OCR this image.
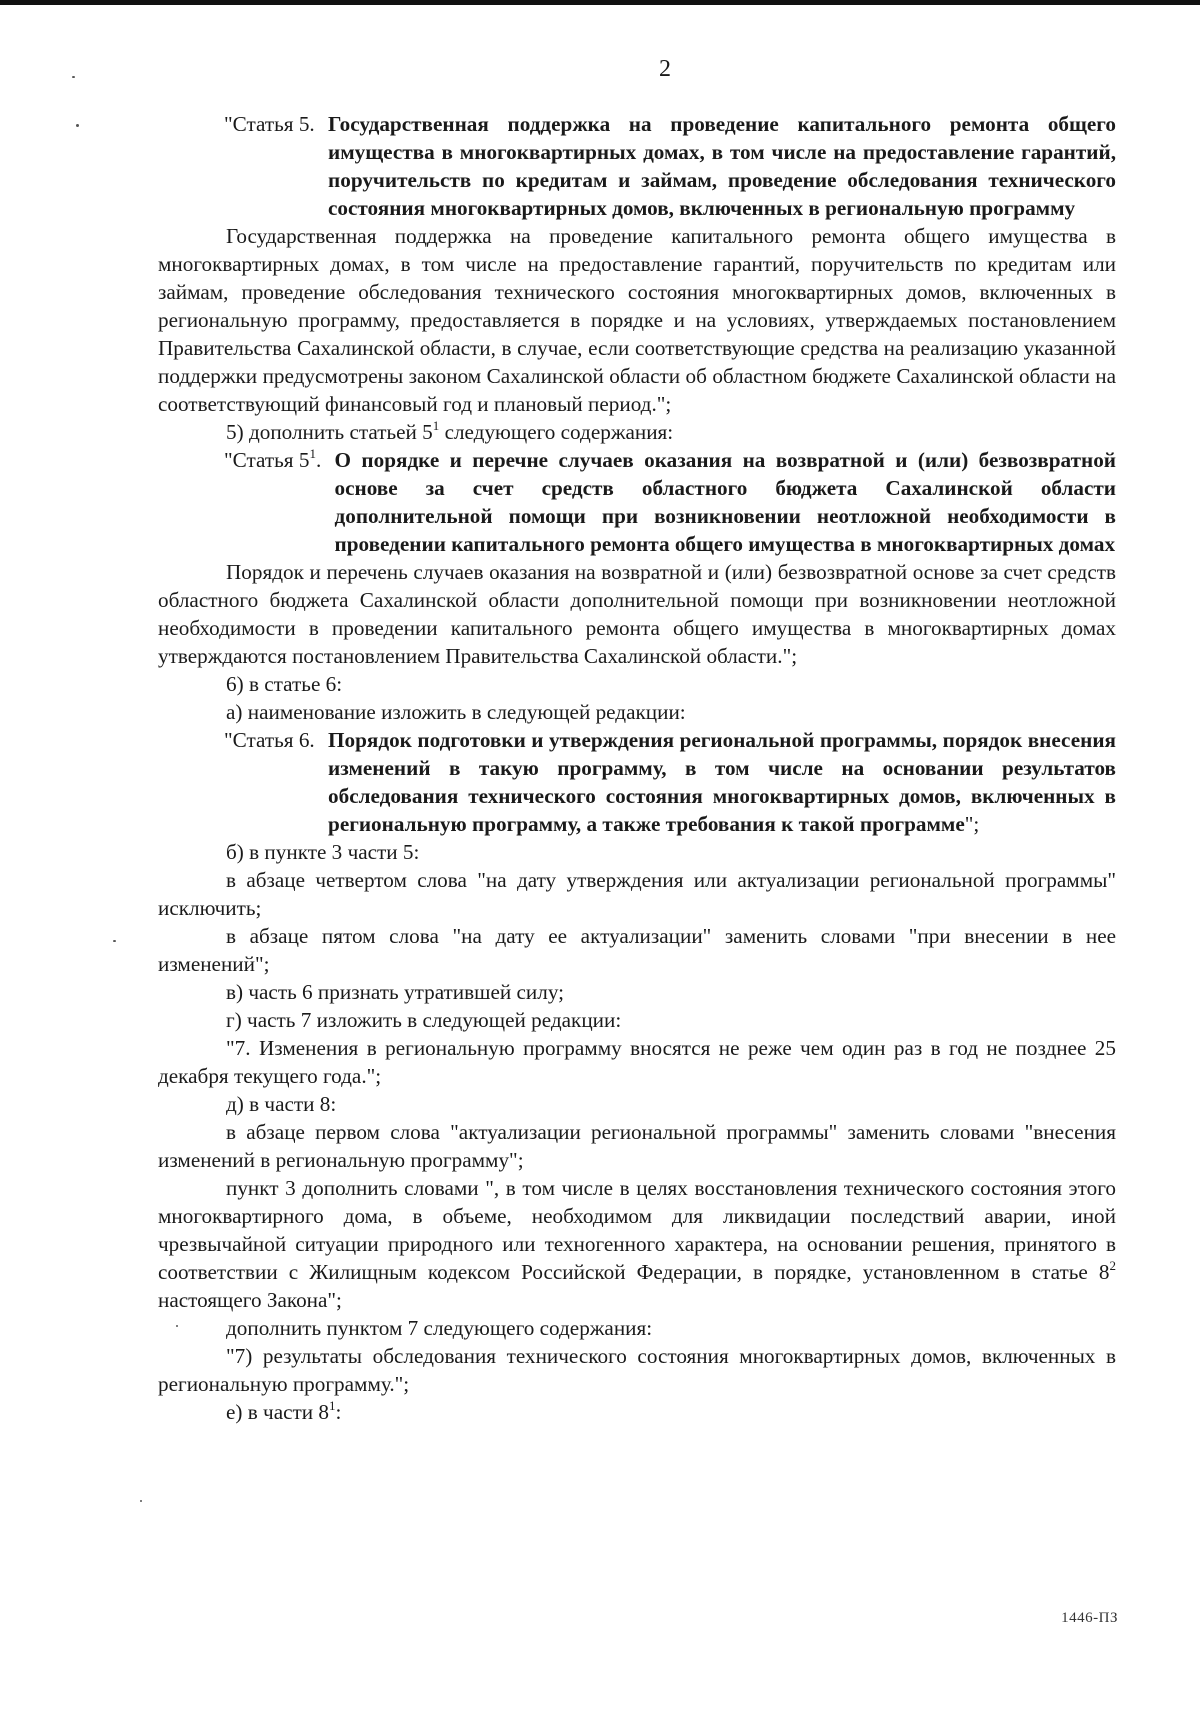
2
"Статья 5. Государственная поддержка на проведение капитального ремонта общего имущества в многоквартирных домах, в том числе на предоставление гарантий, поручительств по кредитам и займам, проведение обследования технического состояния многоквартирных домов, включенных в региональную программу

Государственная поддержка на проведение капитального ремонта общего имущества в многоквартирных домах, в том числе на предоставление гарантий, поручительств по кредитам или займам, проведение обследования технического состояния многоквартирных домов, включенных в региональную программу, предоставляется в порядке и на условиях, утверждаемых постановлением Правительства Сахалинской области, в случае, если соответствующие средства на реализацию указанной поддержки предусмотрены законом Сахалинской области об областном бюджете Сахалинской области на соответствующий финансовый год и плановый период.";

5) дополнить статьей $5^1$ следующего содержания:

"Статья $5^1$. О порядке и перечне случаев оказания на возвратной и (или) безвозвратной основе за счет средств областного бюджета Сахалинской области дополнительной помощи при возникновении неотложной необходимости в проведении капитального ремонта общего имущества в многоквартирных домах

Порядок и перечень случаев оказания на возвратной и (или) безвозвратной основе за счет средств областного бюджета Сахалинской области дополнительной помощи при возникновении неотложной необходимости в проведении капитального ремонта общего имущества в многоквартирных домах утверждаются постановлением Правительства Сахалинской области.";

6) в статье 6:

а) наименование изложить в следующей редакции:

"Статья 6. Порядок подготовки и утверждения региональной программы, порядок внесения изменений в такую программу, в том числе на основании результатов обследования технического состояния многоквартирных домов, включенных в региональную программу, а также требования к такой программе";

б) в пункте 3 части 5:

в абзаце четвертом слова "на дату утверждения или актуализации региональной программы" исключить;

в абзаце пятом слова "на дату ее актуализации" заменить словами "при внесении в нее изменений";

в) часть 6 признать утратившей силу;

г) часть 7 изложить в следующей редакции:

"7. Изменения в региональную программу вносятся не реже чем один раз в год не позднее 25 декабря текущего года.";

д) в части 8:

в абзаце первом слова "актуализации региональной программы" заменить словами "внесения изменений в региональную программу";

пункт 3 дополнить словами ", в том числе в целях восстановления технического состояния этого многоквартирного дома, в объеме, необходимом для ликвидации последствий аварии, иной чрезвычайной ситуации природного или техногенного характера, на основании решения, принятого в соответствии с Жилищным кодексом Российской Федерации, в порядке, установленном в статье $8^2$ настоящего Закона";

дополнить пунктом 7 следующего содержания:

"7) результаты обследования технического состояния многоквартирных домов, включенных в региональную программу.";

е) в части $8^1$:

1446-ПЗ
